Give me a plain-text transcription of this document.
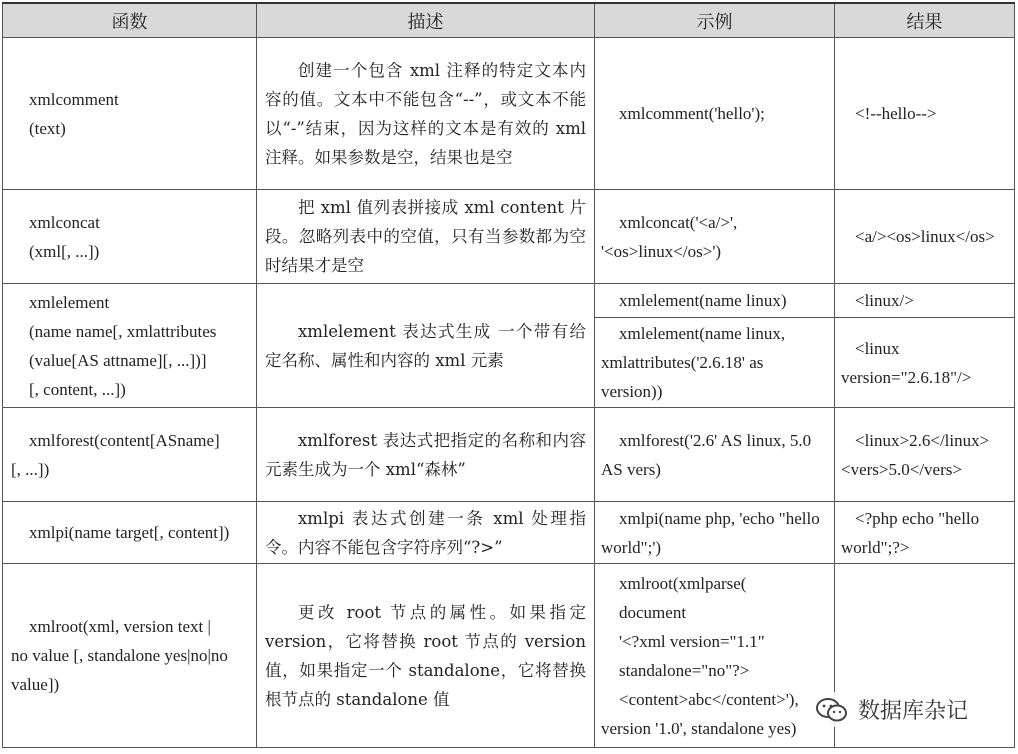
函数	描述	示例	结果

xmlcomment
(text)	创建一个包含 xml 注释的特定文本内容的值。文本中不能包含“--”，或文本不能以“-”结束，因为这样的文本是有效的 xml 注释。如果参数是空，结果也是空	xmlcomment('hello');	<!--hello-->

xmlconcat
(xml[, ...])	把 xml 值列表拼接成 xml content 片段。忽略列表中的空值，只有当参数都为空时结果才是空	xmlconcat('<a/>', '<os>linux</os>')	<a/><os>linux</os>

xmlelement
(name name[, xmlattributes
(value[AS attname][, ...])]
[, content, ...])	xmlelement 表达式生成 一个带有给定名称、属性和内容的 xml 元素	xmlelement(name linux)	<linux/>
		xmlelement(name linux, xmlattributes('2.6.18' as version))	<linux version="2.6.18"/>

xmlforest(content[ASname]
[, ...])	xmlforest 表达式把指定的名称和内容元素生成为一个 xml“森林”	xmlforest('2.6' AS linux, 5.0 AS vers)	<linux>2.6</linux><vers>5.0</vers>

xmlpi(name target[, content])	xmlpi 表达式创建一条 xml 处理指令。内容不能包含字符序列“?>”	xmlpi(name php, 'echo "hello world";')	<?php echo "hello world";?>

xmlroot(xml, version text |
no value [, standalone yes|no|no
value])	更改 root 节点的属性。如果指定 version，它将替换 root 节点的 version 值，如果指定一个 standalone，它将替换根节点的 standalone 值	xmlroot(xmlparse(
document
'<?xml version="1.1" standalone="no"?>
<content>abc</content>'),
version '1.0', standalone yes)	

数据库杂记
